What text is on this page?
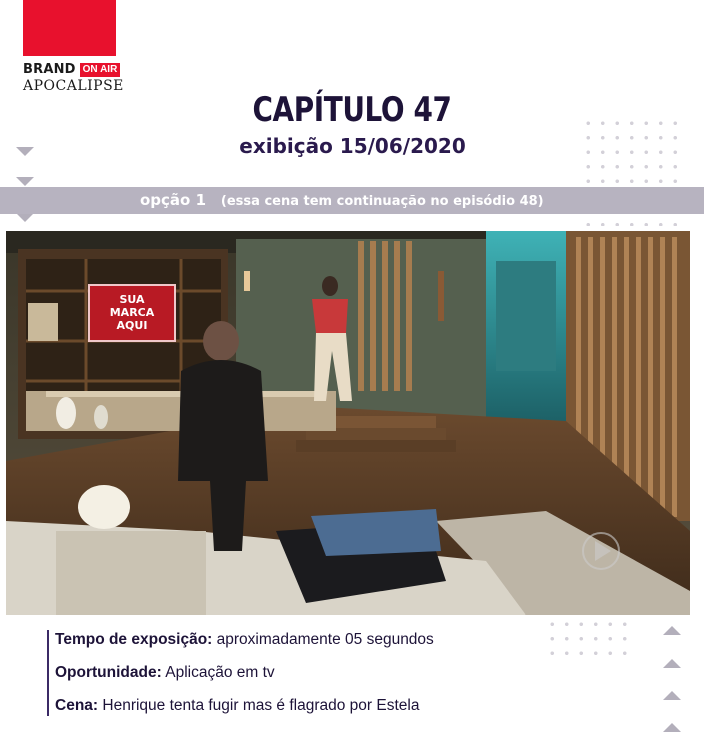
BRAND ON AIR
APOCALIPSE
CAPÍTULO 47
exibição 15/06/2020
opção 1 (essa cena tem continuação no episódio 48)
SUA
MARCA
AQUI
Tempo de exposição: aproximadamente 05 segundos
Oportunidade: Aplicação em tv
Cena: Henrique tenta fugir mas é flagrado por Estela
